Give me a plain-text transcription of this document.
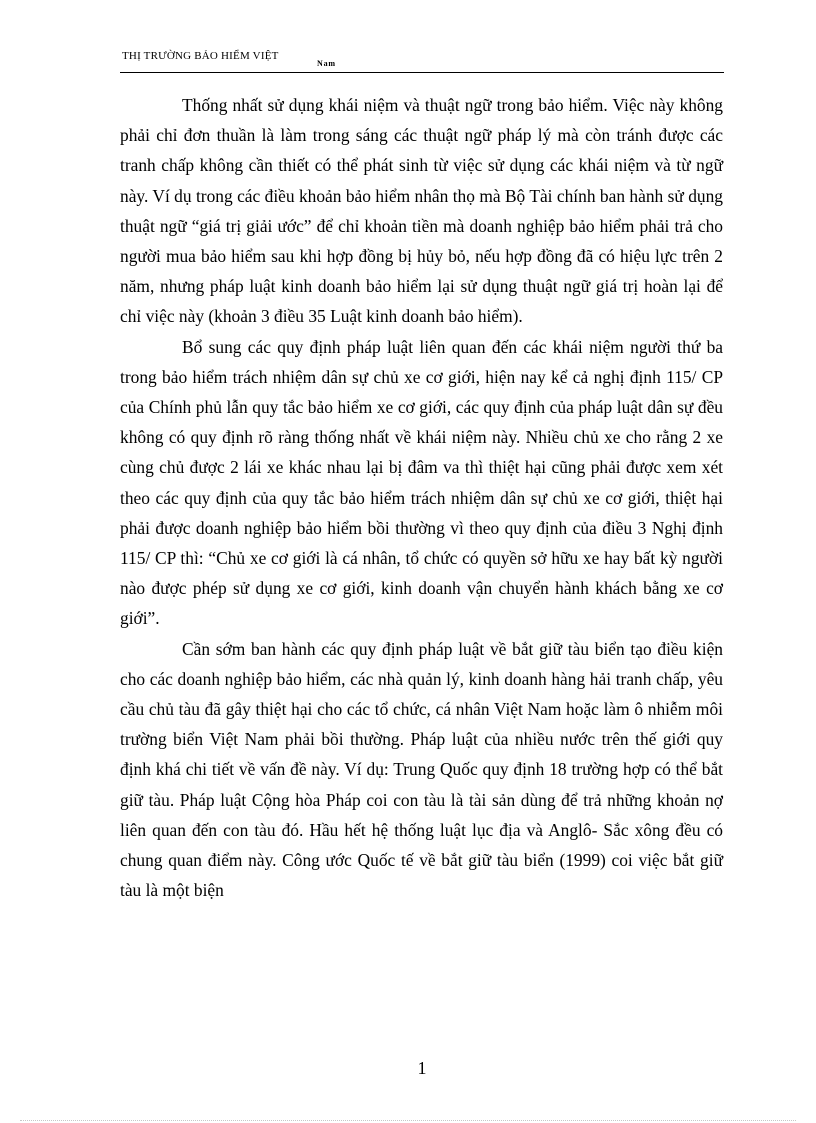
THỊ TRƯỜNG BẢO HIỂM VIỆT
Nam

Thống nhất sử dụng khái niệm và thuật ngữ trong bảo hiểm. Việc này không phải chỉ đơn thuần là làm trong sáng các thuật ngữ pháp lý mà còn tránh được các tranh chấp không cần thiết có thể phát sinh từ việc sử dụng các khái niệm và từ ngữ này. Ví dụ trong các điều khoản bảo hiểm nhân thọ mà Bộ Tài chính ban hành sử dụng thuật ngữ “giá trị giải ước” để chỉ khoản tiền mà doanh nghiệp bảo hiểm phải trả cho người mua bảo hiểm sau khi hợp đồng bị hủy bỏ, nếu hợp đồng đã có hiệu lực trên 2 năm, nhưng pháp luật kinh doanh bảo hiểm lại sử dụng thuật ngữ giá trị hoàn lại để chỉ việc này (khoản 3 điều 35 Luật kinh doanh bảo hiểm).

Bổ sung các quy định pháp luật liên quan đến các khái niệm người thứ ba trong bảo hiểm trách nhiệm dân sự chủ xe cơ giới, hiện nay kể cả nghị định 115/ CP của Chính phủ lẫn quy tắc bảo hiểm xe cơ giới, các quy định của pháp luật dân sự đều không có quy định rõ ràng thống nhất về khái niệm này. Nhiều chủ xe cho rằng 2 xe cùng chủ được 2 lái xe khác nhau lại bị đâm va thì thiệt hại cũng phải được xem xét theo các quy định của quy tắc bảo hiểm trách nhiệm dân sự chủ xe cơ giới, thiệt hại phải được doanh nghiệp bảo hiểm bồi thường vì theo quy định của điều 3 Nghị định 115/ CP thì: “Chủ xe cơ giới là cá nhân, tổ chức có quyền sở hữu xe hay bất kỳ người nào được phép sử dụng xe cơ giới, kinh doanh vận chuyển hành khách bằng xe cơ giới”.

Cần sớm ban hành các quy định pháp luật về bắt giữ tàu biển tạo điều kiện cho các doanh nghiệp bảo hiểm, các nhà quản lý, kinh doanh hàng hải tranh chấp, yêu cầu chủ tàu đã gây thiệt hại cho các tổ chức, cá nhân Việt Nam hoặc làm ô nhiễm môi trường biển Việt Nam phải bồi thường. Pháp luật của nhiều nước trên thế giới quy định khá chi tiết về vấn đề này. Ví dụ: Trung Quốc quy định 18 trường hợp có thể bắt giữ tàu. Pháp luật Cộng hòa Pháp coi con tàu là tài sản dùng để trả những khoản nợ liên quan đến con tàu đó. Hầu hết hệ thống luật lục địa và Anglô- Sắc xông đều có chung quan điểm này. Công ước Quốc tế về bắt giữ tàu biển (1999) coi việc bắt giữ tàu là một biện

1
